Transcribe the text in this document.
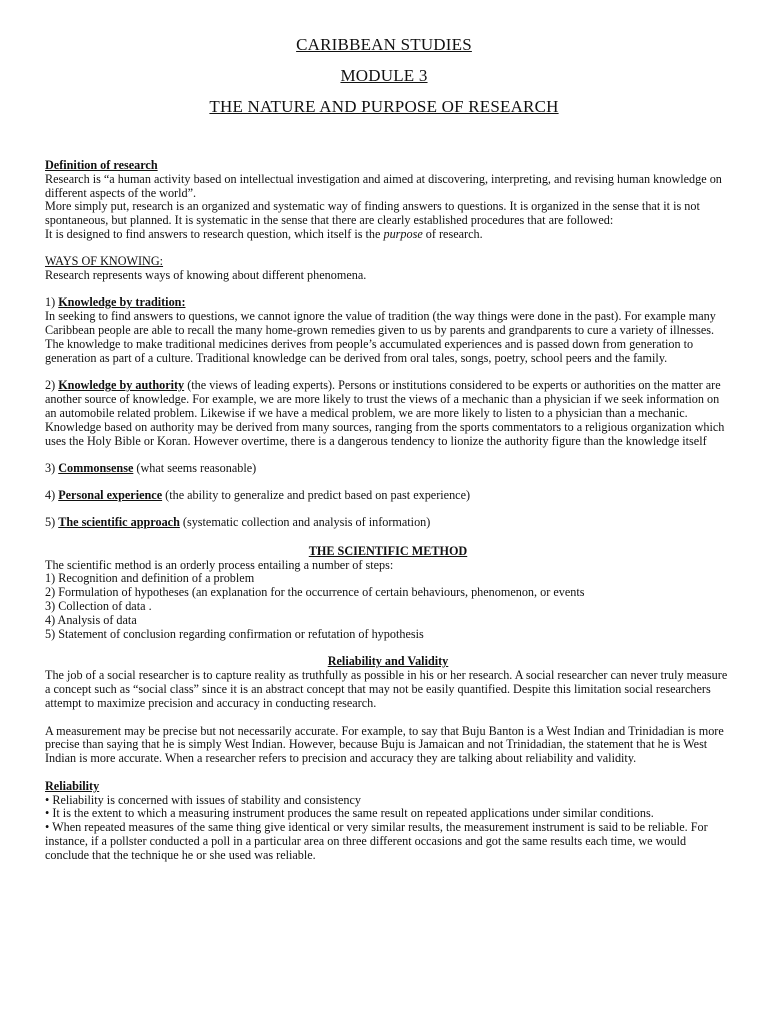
CARIBBEAN STUDIES
MODULE 3
THE NATURE AND PURPOSE OF RESEARCH

Definition of research

Research is “a human activity based on intellectual investigation and aimed at discovering, interpreting, and revising human knowledge on different aspects of the world”.

More simply put, research is an organized and systematic way of finding answers to questions. It is organized in the sense that it is not spontaneous, but planned. It is systematic in the sense that there are clearly established procedures that are followed:

It is designed to find answers to research question, which itself is the purpose of research.

WAYS OF KNOWING:

Research represents ways of knowing about different phenomena.

1) Knowledge by tradition:

In seeking to find answers to questions, we cannot ignore the value of tradition (the way things were done in the past). For example many Caribbean people are able to recall the many home-grown remedies given to us by parents and grandparents to cure a variety of illnesses. The knowledge to make traditional medicines derives from people’s accumulated experiences and is passed down from generation to generation as part of a culture. Traditional knowledge can be derived from oral tales, songs, poetry, school peers and the family.

2) Knowledge by authority (the views of leading experts). Persons or institutions considered to be experts or authorities on the matter are another source of knowledge. For example, we are more likely to trust the views of a mechanic than a physician if we seek information on an automobile related problem. Likewise if we have a medical problem, we are more likely to listen to a physician than a mechanic. Knowledge based on authority may be derived from many sources, ranging from the sports commentators to a religious organization which uses the Holy Bible or Koran. However overtime, there is a dangerous tendency to lionize the authority figure than the knowledge itself

3) Commonsense (what seems reasonable)

4) Personal experience (the ability to generalize and predict based on past experience)

5) The scientific approach (systematic collection and analysis of information)

THE SCIENTIFIC METHOD

The scientific method is an orderly process entailing a number of steps:

1) Recognition and definition of a problem

2) Formulation of hypotheses (an explanation for the occurrence of certain behaviours, phenomenon, or events

3) Collection of data .

4) Analysis of data

5) Statement of conclusion regarding confirmation or refutation of hypothesis

Reliability and Validity

The job of a social researcher is to capture reality as truthfully as possible in his or her research. A social researcher can never truly measure a concept such as “social class” since it is an abstract concept that may not be easily quantified. Despite this limitation social researchers attempt to maximize precision and accuracy in conducting research.

A measurement may be precise but not necessarily accurate. For example, to say that Buju Banton is a West Indian and Trinidadian is more precise than saying that he is simply West Indian. However, because Buju is Jamaican and not Trinidadian, the statement that he is West Indian is more accurate. When a researcher refers to precision and accuracy they are talking about reliability and validity.

Reliability

• Reliability is concerned with issues of stability and consistency

• It is the extent to which a measuring instrument produces the same result on repeated applications under similar conditions.

• When repeated measures of the same thing give identical or very similar results, the measurement instrument is said to be reliable. For instance, if a pollster conducted a poll in a particular area on three different occasions and got the same results each time, we would conclude that the technique he or she used was reliable.
